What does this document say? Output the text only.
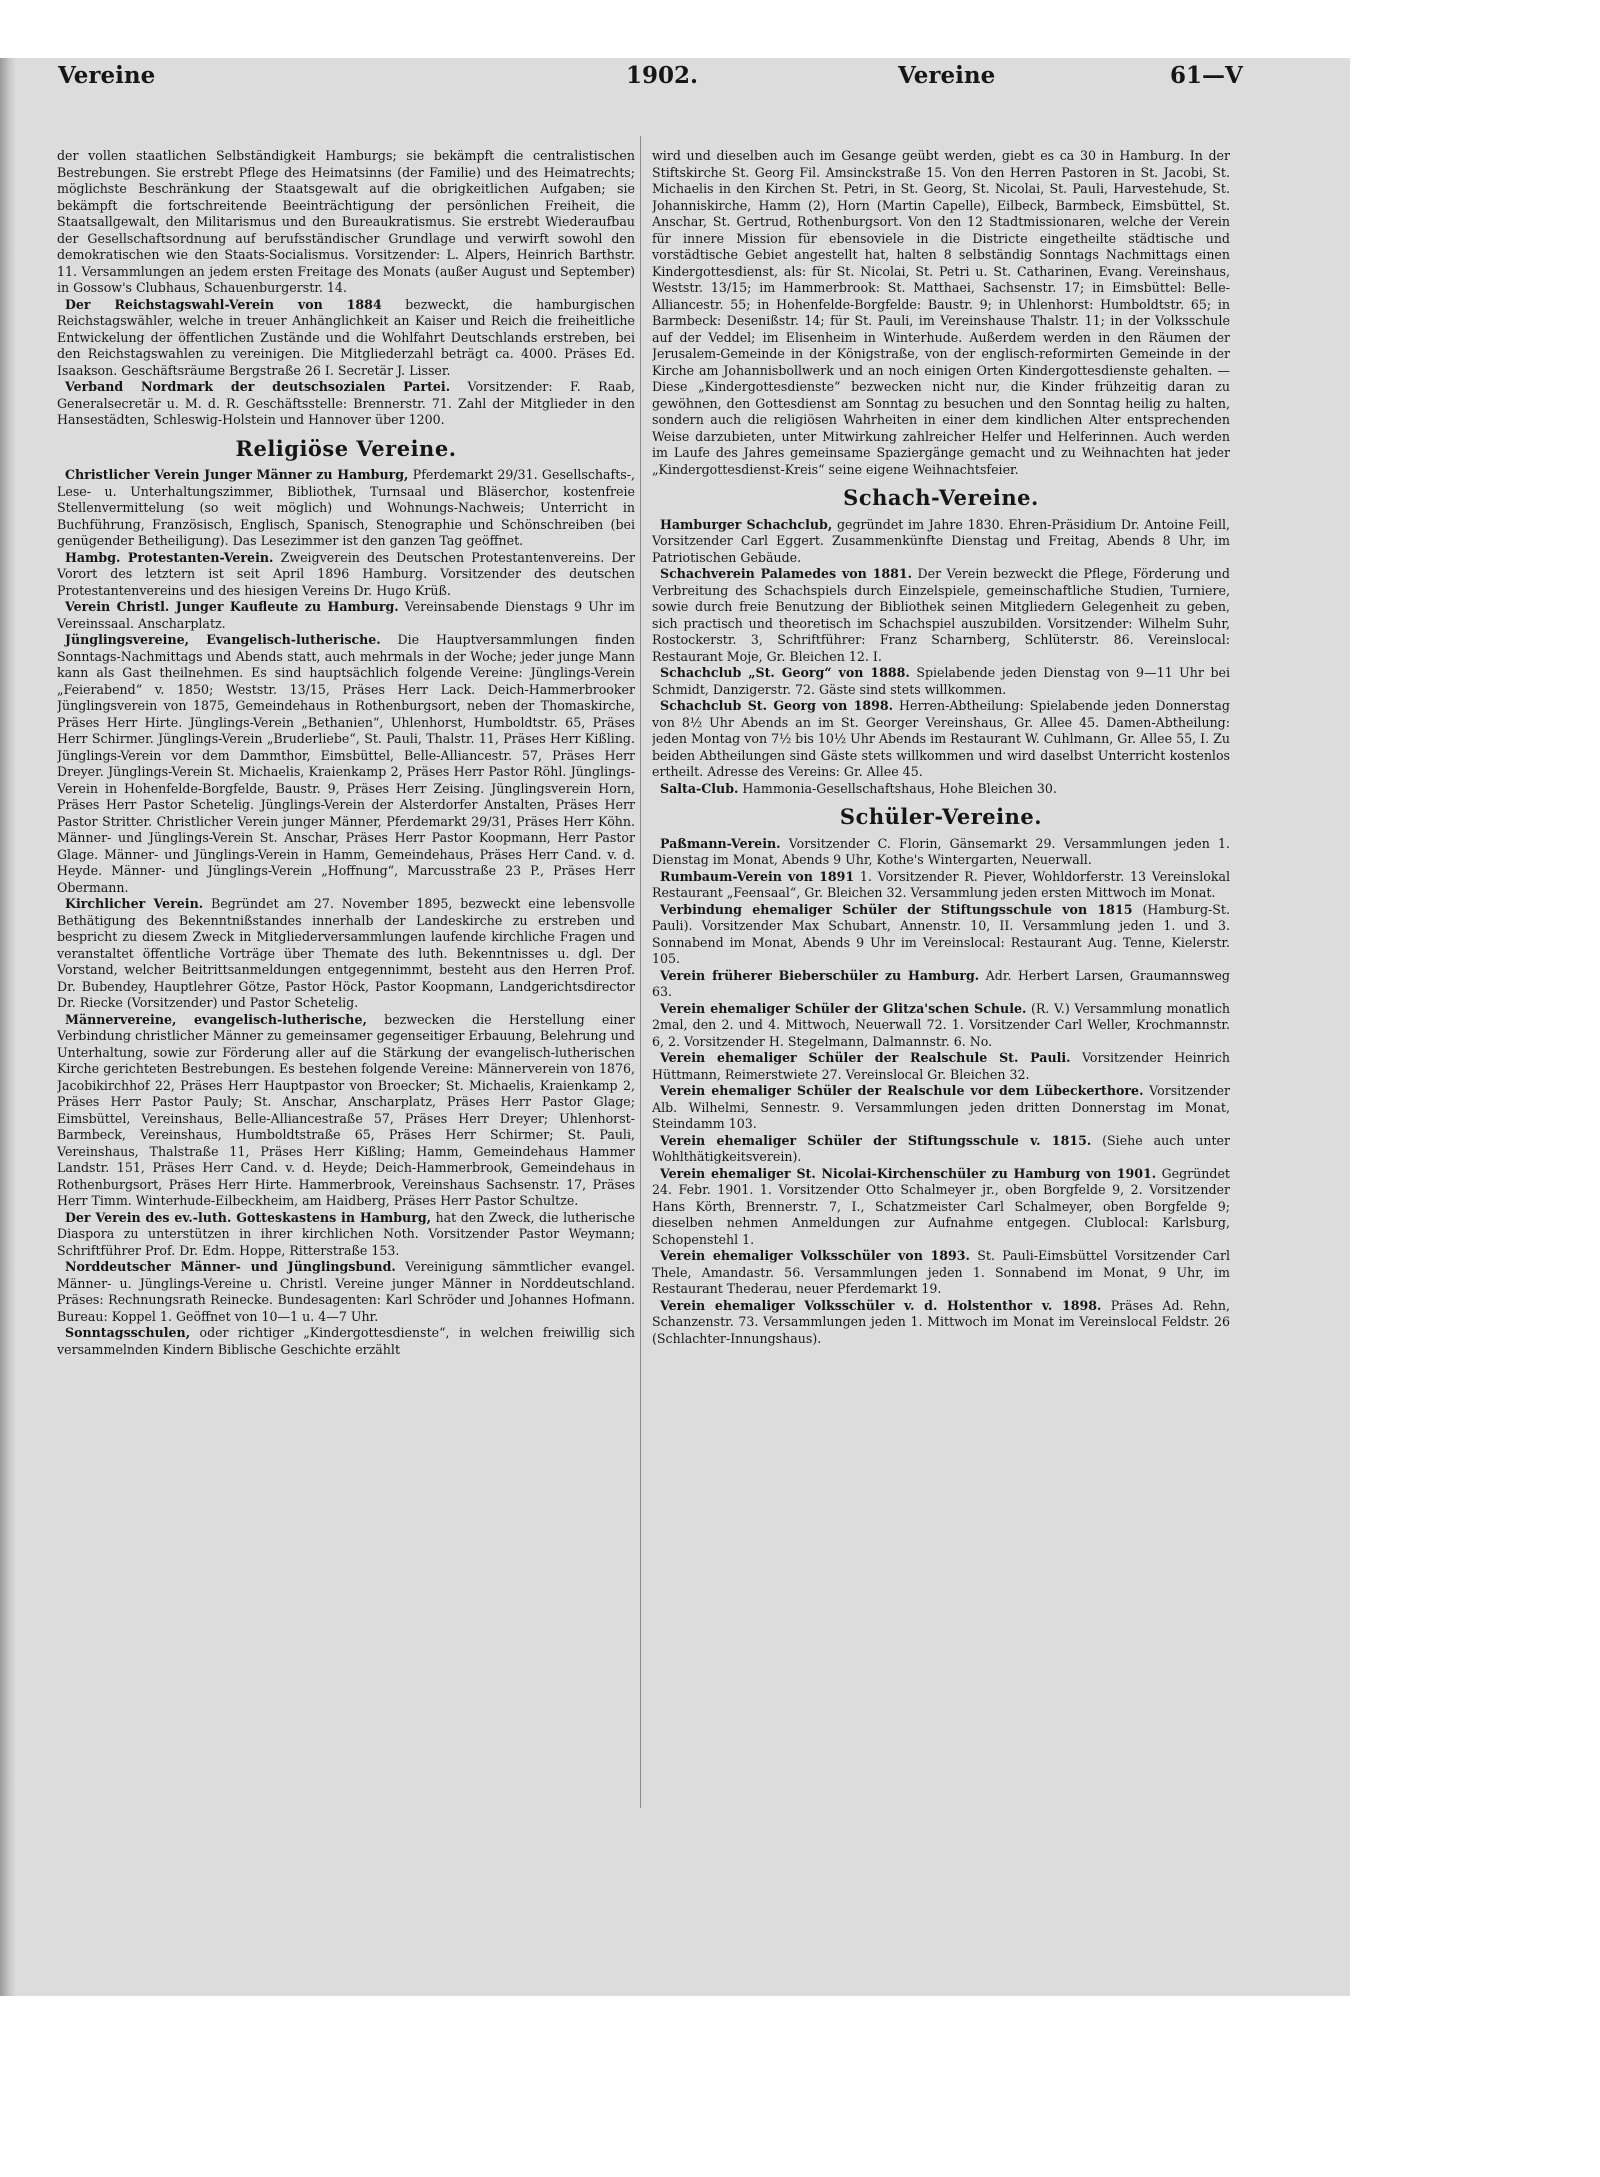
Vereine	1902.	Vereine	61—V

der vollen staatlichen Selbständigkeit Hamburgs; sie bekämpft die centralistischen Bestrebungen. Sie erstrebt Pflege des Heimatsinns (der Familie) und des Heimatrechts; möglichste Beschränkung der Staatsgewalt auf die obrigkeitlichen Aufgaben; sie bekämpft die fortschreitende Beeinträchtigung der persönlichen Freiheit, die Staatsallgewalt, den Militarismus und den Bureaukratismus. Sie erstrebt Wiederaufbau der Gesellschaftsordnung auf berufsständischer Grundlage und verwirft sowohl den demokratischen wie den Staats-Socialismus. Vorsitzender: L. Alpers, Heinrich Barthstr. 11. Versammlungen an jedem ersten Freitage des Monats (außer August und September) in Gossow's Clubhaus, Schauenburgerstr. 14.

Der Reichstagswahl-Verein von 1884 bezweckt, die hamburgischen Reichstagswähler, welche in treuer Anhänglichkeit an Kaiser und Reich die freiheitliche Entwickelung der öffentlichen Zustände und die Wohlfahrt Deutschlands erstreben, bei den Reichstagswahlen zu vereinigen. Die Mitgliederzahl beträgt ca. 4000. Präses Ed. Isaakson. Geschäftsräume Bergstraße 26 I. Secretär J. Lisser.

Verband Nordmark der deutschsozialen Partei. Vorsitzender: F. Raab, Generalsecretär u. M. d. R. Geschäftsstelle: Brennerstr. 71. Zahl der Mitglieder in den Hansestädten, Schleswig-Holstein und Hannover über 1200.

Religiöse Vereine.

Christlicher Verein Junger Männer zu Hamburg, Pferdemarkt 29/31. Gesellschafts-, Lese- u. Unterhaltungszimmer, Bibliothek, Turnsaal und Bläserchor, kostenfreie Stellenvermittelung (so weit möglich) und Wohnungs-Nachweis; Unterricht in Buchführung, Französisch, Englisch, Spanisch, Stenographie und Schönschreiben (bei genügender Betheiligung). Das Lesezimmer ist den ganzen Tag geöffnet.

Hambg. Protestanten-Verein. Zweigverein des Deutschen Protestantenvereins. Der Vorort des letztern ist seit April 1896 Hamburg. Vorsitzender des deutschen Protestantenvereins und des hiesigen Vereins Dr. Hugo Krüß.

Verein Christl. Junger Kaufleute zu Hamburg. Vereinsabende Dienstags 9 Uhr im Vereinssaal. Anscharplatz.

Jünglingsvereine, Evangelisch-lutherische. Die Hauptversammlungen finden Sonntags-Nachmittags und Abends statt, auch mehrmals in der Woche; jeder junge Mann kann als Gast theilnehmen. Es sind hauptsächlich folgende Vereine: Jünglings-Verein „Feierabend“ v. 1850; Weststr. 13/15, Präses Herr Lack. Deich-Hammerbrooker Jünglingsverein von 1875, Gemeindehaus in Rothenburgsort, neben der Thomaskirche, Präses Herr Hirte. Jünglings-Verein „Bethanien“, Uhlenhorst, Humboldtstr. 65, Präses Herr Schirmer. Jünglings-Verein „Bruderliebe“, St. Pauli, Thalstr. 11, Präses Herr Kißling. Jünglings-Verein vor dem Dammthor, Eimsbüttel, Belle-Alliancestr. 57, Präses Herr Dreyer. Jünglings-Verein St. Michaelis, Kraienkamp 2, Präses Herr Pastor Röhl. Jünglings-Verein in Hohenfelde-Borgfelde, Baustr. 9, Präses Herr Zeising. Jünglingsverein Horn, Präses Herr Pastor Schetelig. Jünglings-Verein der Alsterdorfer Anstalten, Präses Herr Pastor Stritter. Christlicher Verein junger Männer, Pferdemarkt 29/31, Präses Herr Köhn. Männer- und Jünglings-Verein St. Anschar, Präses Herr Pastor Koopmann, Herr Pastor Glage. Männer- und Jünglings-Verein in Hamm, Gemeindehaus, Präses Herr Cand. v. d. Heyde. Männer- und Jünglings-Verein „Hoffnung“, Marcusstraße 23 P., Präses Herr Obermann.

Kirchlicher Verein. Begründet am 27. November 1895, bezweckt eine lebensvolle Bethätigung des Bekenntnißstandes innerhalb der Landeskirche zu erstreben und bespricht zu diesem Zweck in Mitgliederversammlungen laufende kirchliche Fragen und veranstaltet öffentliche Vorträge über Themate des luth. Bekenntnisses u. dgl. Der Vorstand, welcher Beitrittsanmeldungen entgegennimmt, besteht aus den Herren Prof. Dr. Bubendey, Hauptlehrer Götze, Pastor Höck, Pastor Koopmann, Landgerichtsdirector Dr. Riecke (Vorsitzender) und Pastor Schetelig.

Männervereine, evangelisch-lutherische, bezwecken die Herstellung einer Verbindung christlicher Männer zu gemeinsamer gegenseitiger Erbauung, Belehrung und Unterhaltung, sowie zur Förderung aller auf die Stärkung der evangelisch-lutherischen Kirche gerichteten Bestrebungen. Es bestehen folgende Vereine: Männerverein von 1876, Jacobikirchhof 22, Präses Herr Hauptpastor von Broecker; St. Michaelis, Kraienkamp 2, Präses Herr Pastor Pauly; St. Anschar, Anscharplatz, Präses Herr Pastor Glage; Eimsbüttel, Vereinshaus, Belle-Alliancestraße 57, Präses Herr Dreyer; Uhlenhorst-Barmbeck, Vereinshaus, Humboldtstraße 65, Präses Herr Schirmer; St. Pauli, Vereinshaus, Thalstraße 11, Präses Herr Kißling; Hamm, Gemeindehaus Hammer Landstr. 151, Präses Herr Cand. v. d. Heyde; Deich-Hammerbrook, Gemeindehaus in Rothenburgsort, Präses Herr Hirte. Hammerbrook, Vereinshaus Sachsenstr. 17, Präses Herr Timm. Winterhude-Eilbeckheim, am Haidberg, Präses Herr Pastor Schultze.

Der Verein des ev.-luth. Gotteskastens in Hamburg, hat den Zweck, die lutherische Diaspora zu unterstützen in ihrer kirchlichen Noth. Vorsitzender Pastor Weymann; Schriftführer Prof. Dr. Edm. Hoppe, Ritterstraße 153.

Norddeutscher Männer- und Jünglingsbund. Vereinigung sämmtlicher evangel. Männer- u. Jünglings-Vereine u. Christl. Vereine junger Männer in Norddeutschland. Präses: Rechnungsrath Reinecke. Bundesagenten: Karl Schröder und Johannes Hofmann. Bureau: Koppel 1. Geöffnet von 10—1 u. 4—7 Uhr.

Sonntagsschulen, oder richtiger „Kindergottesdienste“, in welchen freiwillig sich versammelnden Kindern Biblische Geschichte erzählt

wird und dieselben auch im Gesange geübt werden, giebt es ca 30 in Hamburg. In der Stiftskirche St. Georg Fil. Amsinckstraße 15. Von den Herren Pastoren in St. Jacobi, St. Michaelis in den Kirchen St. Petri, in St. Georg, St. Nicolai, St. Pauli, Harvestehude, St. Johanniskirche, Hamm (2), Horn (Martin Capelle), Eilbeck, Barmbeck, Eimsbüttel, St. Anschar, St. Gertrud, Rothenburgsort. Von den 12 Stadtmissionaren, welche der Verein für innere Mission für ebensoviele in die Districte eingetheilte städtische und vorstädtische Gebiet angestellt hat, halten 8 selbständig Sonntags Nachmittags einen Kindergottesdienst, als: für St. Nicolai, St. Petri u. St. Catharinen, Evang. Vereinshaus, Weststr. 13/15; im Hammerbrook: St. Matthaei, Sachsenstr. 17; in Eimsbüttel: Belle-Alliancestr. 55; in Hohenfelde-Borgfelde: Baustr. 9; in Uhlenhorst: Humboldtstr. 65; in Barmbeck: Desenißstr. 14; für St. Pauli, im Vereinshause Thalstr. 11; in der Volksschule auf der Veddel; im Elisenheim in Winterhude. Außerdem werden in den Räumen der Jerusalem-Gemeinde in der Königstraße, von der englisch-reformirten Gemeinde in der Kirche am Johannisbollwerk und an noch einigen Orten Kindergottesdienste gehalten. — Diese „Kindergottesdienste“ bezwecken nicht nur, die Kinder frühzeitig daran zu gewöhnen, den Gottesdienst am Sonntag zu besuchen und den Sonntag heilig zu halten, sondern auch die religiösen Wahrheiten in einer dem kindlichen Alter entsprechenden Weise darzubieten, unter Mitwirkung zahlreicher Helfer und Helferinnen. Auch werden im Laufe des Jahres gemeinsame Spaziergänge gemacht und zu Weihnachten hat jeder „Kindergottesdienst-Kreis“ seine eigene Weihnachtsfeier.

Schach-Vereine.

Hamburger Schachclub, gegründet im Jahre 1830. Ehren-Präsidium Dr. Antoine Feill, Vorsitzender Carl Eggert. Zusammenkünfte Dienstag und Freitag, Abends 8 Uhr, im Patriotischen Gebäude.

Schachverein Palamedes von 1881. Der Verein bezweckt die Pflege, Förderung und Verbreitung des Schachspiels durch Einzelspiele, gemeinschaftliche Studien, Turniere, sowie durch freie Benutzung der Bibliothek seinen Mitgliedern Gelegenheit zu geben, sich practisch und theoretisch im Schachspiel auszubilden. Vorsitzender: Wilhelm Suhr, Rostockerstr. 3, Schriftführer: Franz Scharnberg, Schlüterstr. 86. Vereinslocal: Restaurant Moje, Gr. Bleichen 12. I.

Schachclub „St. Georg“ von 1888. Spielabende jeden Dienstag von 9—11 Uhr bei Schmidt, Danzigerstr. 72. Gäste sind stets willkommen.

Schachclub St. Georg von 1898. Herren-Abtheilung: Spielabende jeden Donnerstag von 8½ Uhr Abends an im St. Georger Vereinshaus, Gr. Allee 45. Damen-Abtheilung: jeden Montag von 7½ bis 10½ Uhr Abends im Restaurant W. Cuhlmann, Gr. Allee 55, I. Zu beiden Abtheilungen sind Gäste stets willkommen und wird daselbst Unterricht kostenlos ertheilt. Adresse des Vereins: Gr. Allee 45.

Salta-Club. Hammonia-Gesellschaftshaus, Hohe Bleichen 30.

Schüler-Vereine.

Paßmann-Verein. Vorsitzender C. Florin, Gänsemarkt 29. Versammlungen jeden 1. Dienstag im Monat, Abends 9 Uhr, Kothe's Wintergarten, Neuerwall.

Rumbaum-Verein von 1891 1. Vorsitzender R. Piever, Wohldorferstr. 13 Vereinslokal Restaurant „Feensaal“, Gr. Bleichen 32. Versammlung jeden ersten Mittwoch im Monat.

Verbindung ehemaliger Schüler der Stiftungsschule von 1815 (Hamburg-St. Pauli). Vorsitzender Max Schubart, Annenstr. 10, II. Versammlung jeden 1. und 3. Sonnabend im Monat, Abends 9 Uhr im Vereinslocal: Restaurant Aug. Tenne, Kielerstr. 105.

Verein früherer Bieberschüler zu Hamburg. Adr. Herbert Larsen, Graumannsweg 63.

Verein ehemaliger Schüler der Glitza'schen Schule. (R. V.) Versammlung monatlich 2mal, den 2. und 4. Mittwoch, Neuerwall 72. 1. Vorsitzender Carl Weller, Krochmannstr. 6, 2. Vorsitzender H. Stegelmann, Dalmannstr. 6. No.

Verein ehemaliger Schüler der Realschule St. Pauli. Vorsitzender Heinrich Hüttmann, Reimerstwiete 27. Vereinslocal Gr. Bleichen 32.

Verein ehemaliger Schüler der Realschule vor dem Lübeckerthore. Vorsitzender Alb. Wilhelmi, Sennestr. 9. Versammlungen jeden dritten Donnerstag im Monat, Steindamm 103.

Verein ehemaliger Schüler der Stiftungsschule v. 1815. (Siehe auch unter Wohlthätigkeitsverein).

Verein ehemaliger St. Nicolai-Kirchenschüler zu Hamburg von 1901. Gegründet 24. Febr. 1901. 1. Vorsitzender Otto Schalmeyer jr., oben Borgfelde 9, 2. Vorsitzender Hans Körth, Brennerstr. 7, I., Schatzmeister Carl Schalmeyer, oben Borgfelde 9; dieselben nehmen Anmeldungen zur Aufnahme entgegen. Clublocal: Karlsburg, Schopenstehl 1.

Verein ehemaliger Volksschüler von 1893. St. Pauli-Eimsbüttel Vorsitzender Carl Thele, Amandastr. 56. Versammlungen jeden 1. Sonnabend im Monat, 9 Uhr, im Restaurant Thederau, neuer Pferdemarkt 19.

Verein ehemaliger Volksschüler v. d. Holstenthor v. 1898. Präses Ad. Rehn, Schanzenstr. 73. Versammlungen jeden 1. Mittwoch im Monat im Vereinslocal Feldstr. 26 (Schlachter-Innungshaus).
